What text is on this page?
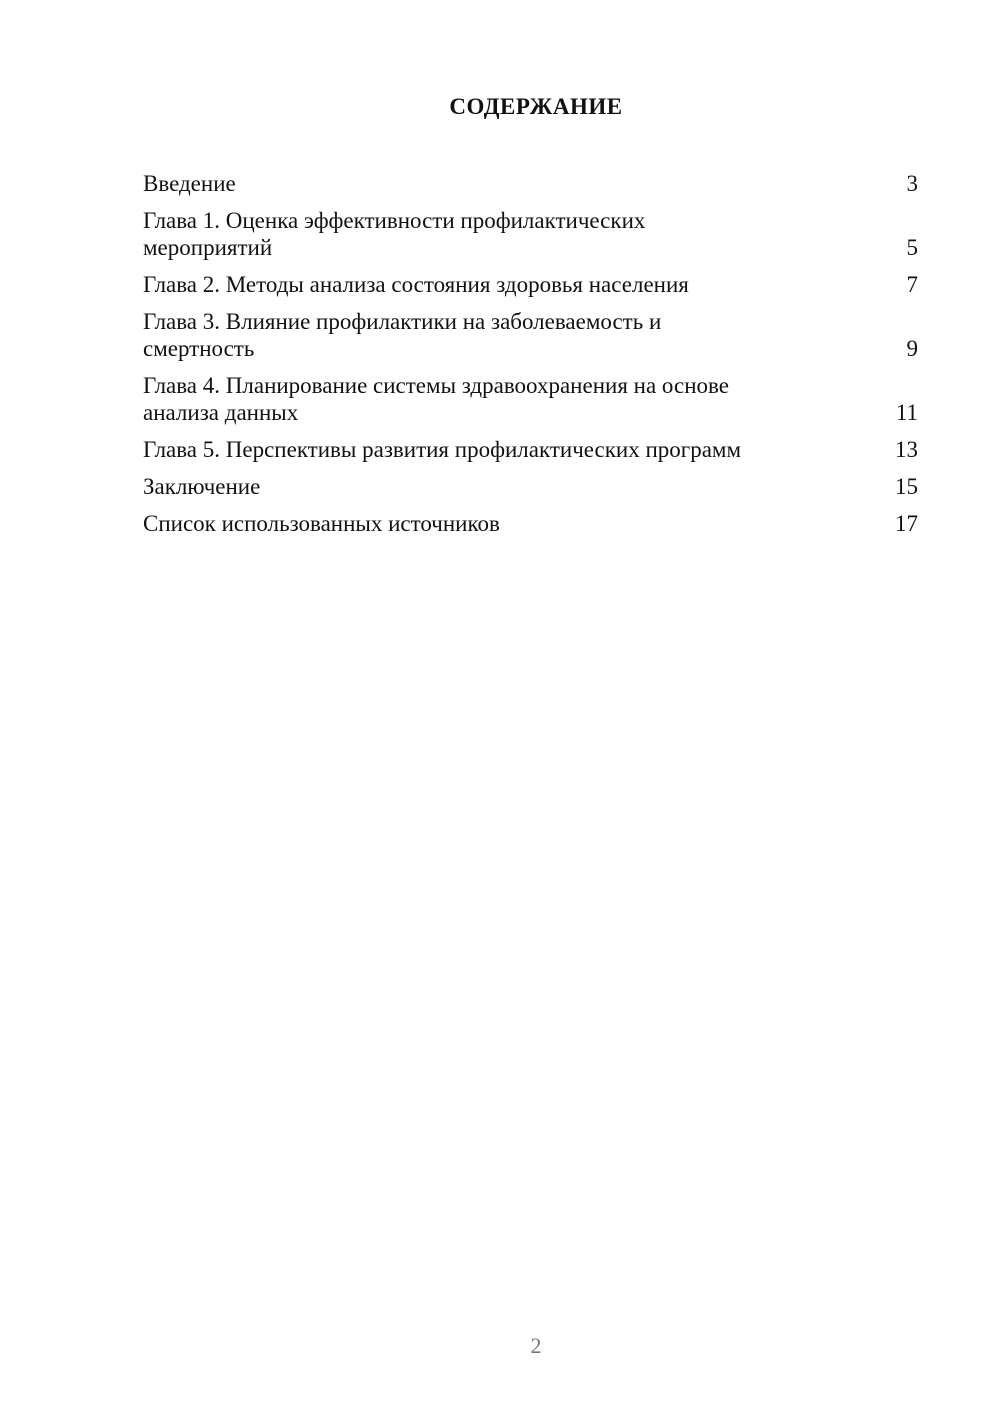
СОДЕРЖАНИЕ
Введение	3
Глава 1. Оценка эффективности профилактических мероприятий	5
Глава 2. Методы анализа состояния здоровья населения	7
Глава 3. Влияние профилактики на заболеваемость и смертность	9
Глава 4. Планирование системы здравоохранения на основе анализа данных	11
Глава 5. Перспективы развития профилактических программ	13
Заключение	15
Список использованных источников	17
2
